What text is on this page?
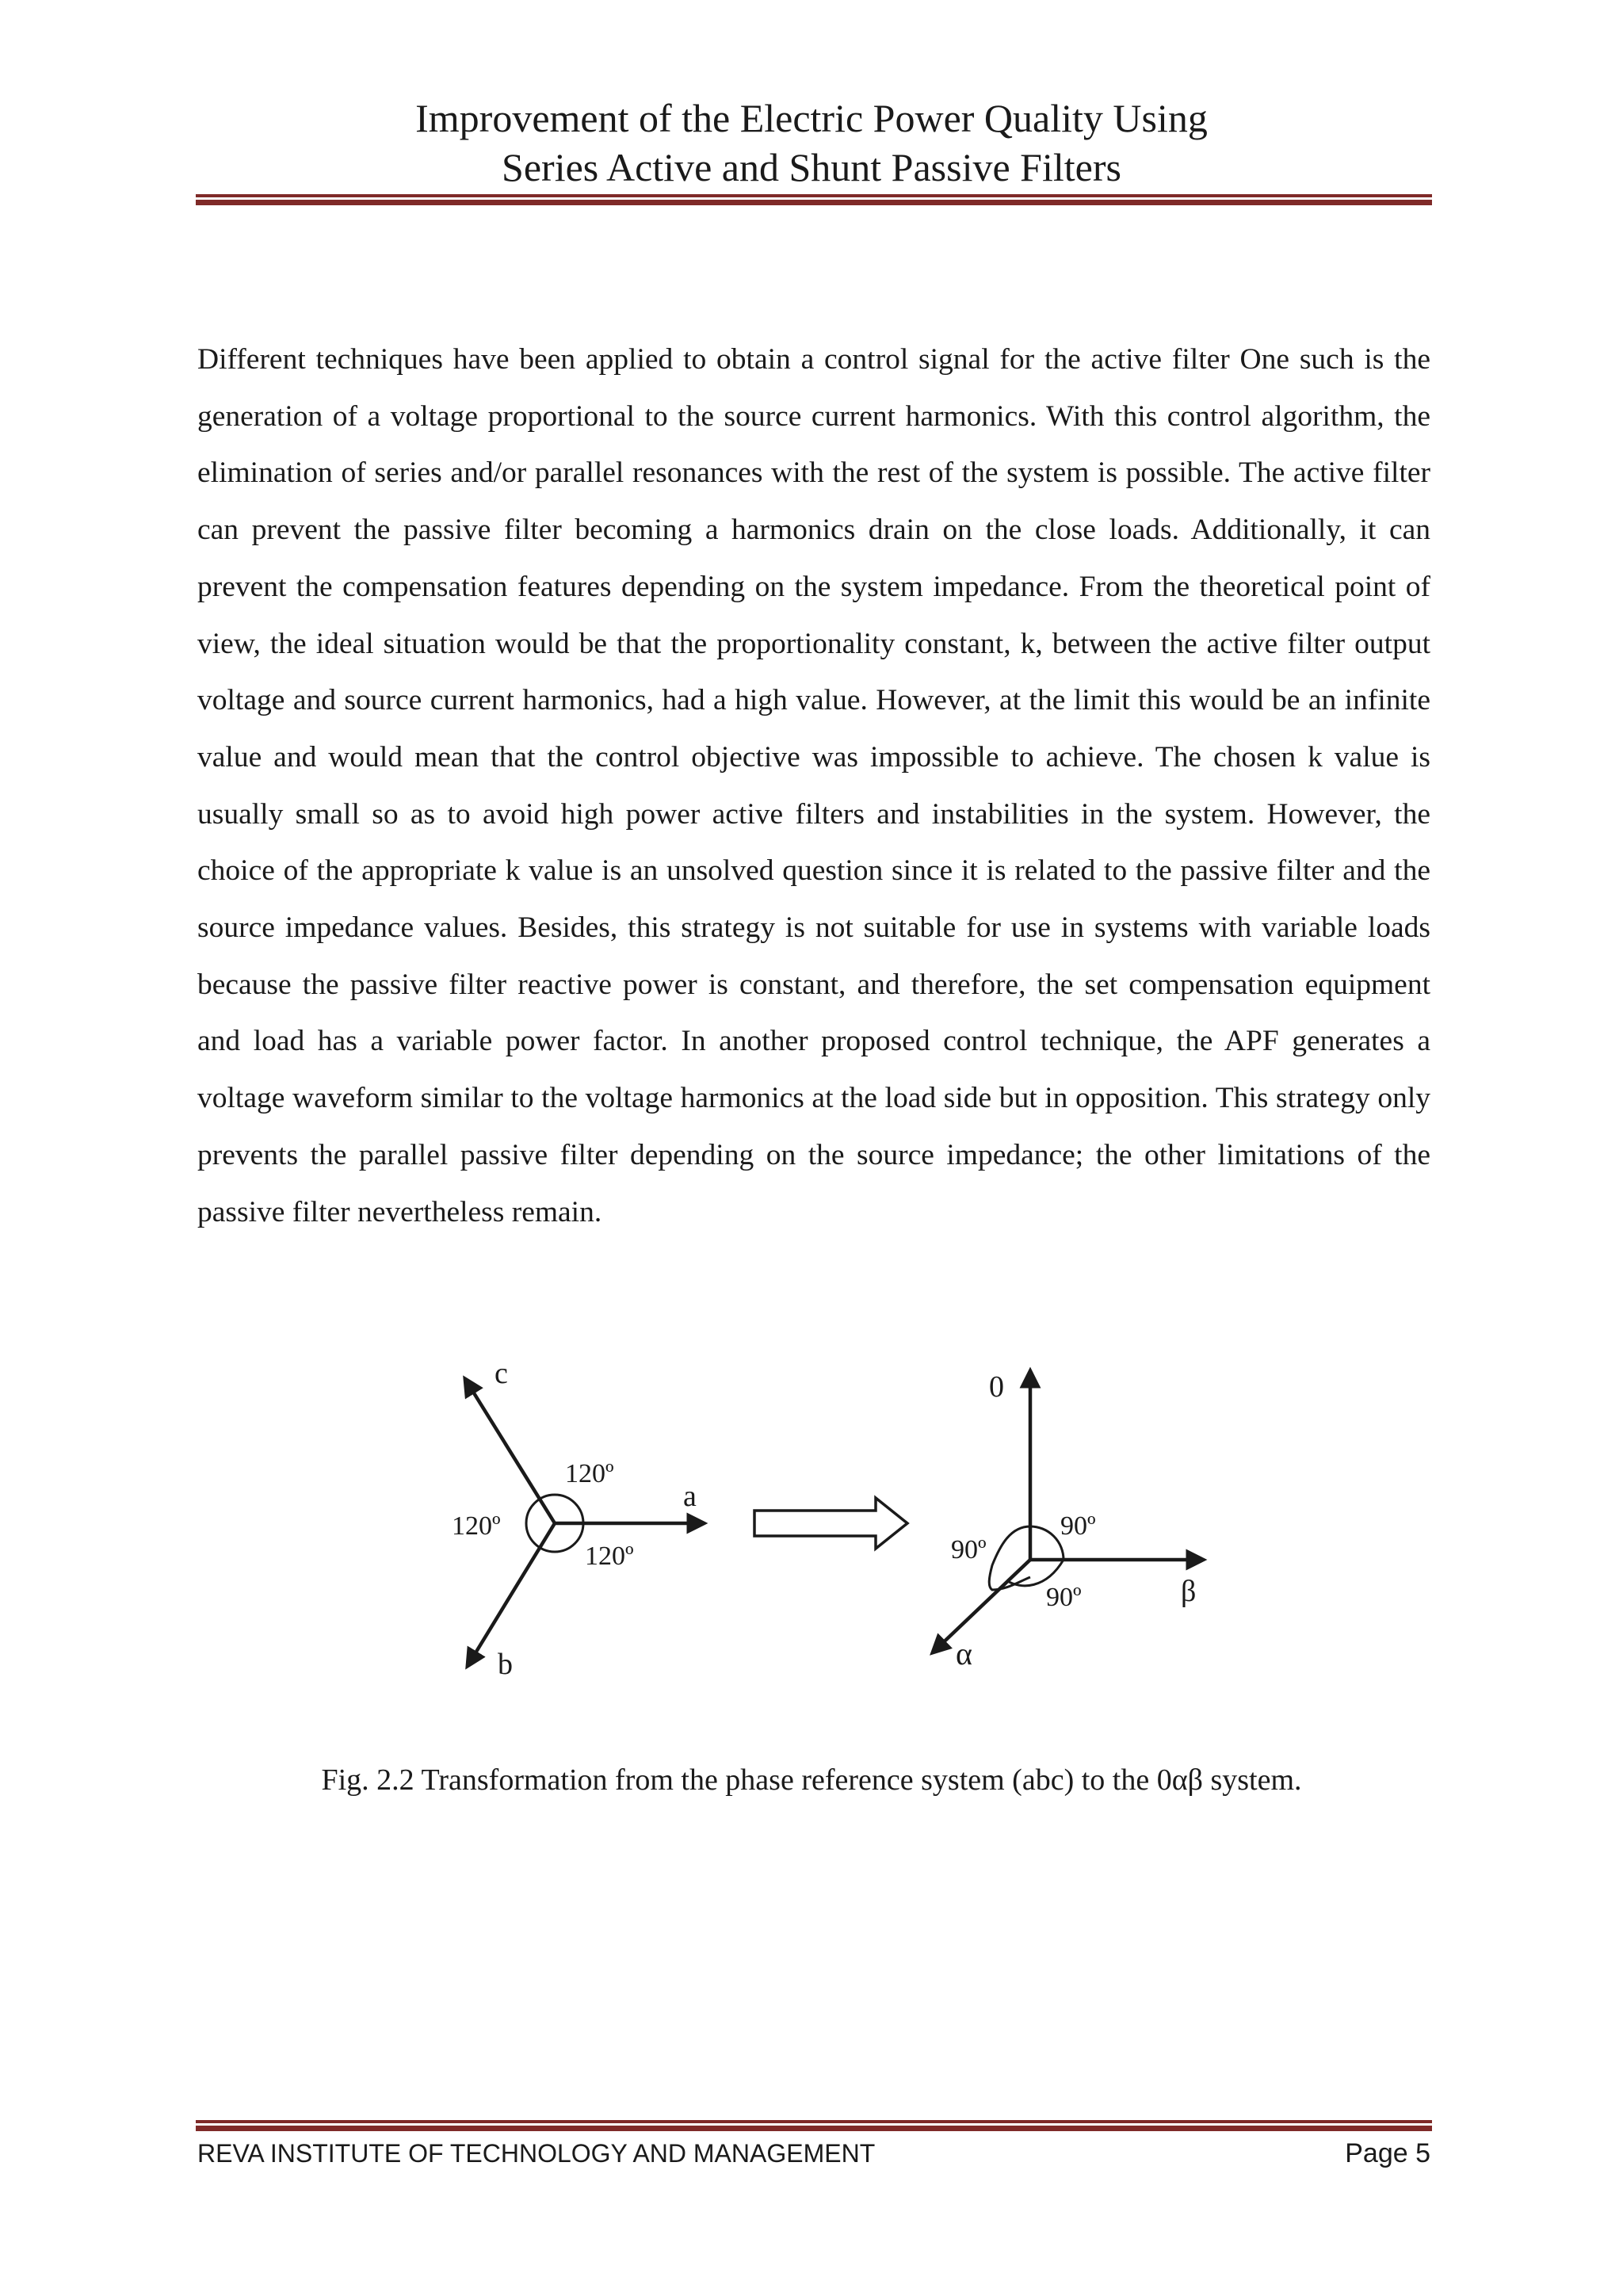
Improvement of the Electric Power Quality Using
Series Active and Shunt Passive Filters

Different techniques have been applied to obtain a control signal for the active filter One such is the generation of a voltage proportional to the source current harmonics. With this control algorithm, the elimination of series and/or parallel resonances with the rest of the system is possible. The active filter can prevent the passive filter becoming a harmonics drain on the close loads. Additionally, it can prevent the compensation features depending on the system impedance. From the theoretical point of view, the ideal situation would be that the proportionality constant, k, between the active filter output voltage and source current harmonics, had a high value. However, at the limit this would be an infinite value and would mean that the control objective was impossible to achieve. The chosen k value is usually small so as to avoid high power active filters and instabilities in the system. However, the choice of the appropriate k value is an unsolved question since it is related to the passive filter and the source impedance values. Besides, this strategy is not suitable for use in systems with variable loads because the passive filter reactive power is constant, and therefore, the set compensation equipment and load has a variable power factor. In another proposed control technique, the APF generates a voltage waveform similar to the voltage harmonics at the load side but in opposition. This strategy only prevents the parallel passive filter depending on the source impedance; the other limitations of the passive filter nevertheless remain.

c
a
b
120º
120º
120º
0
β
α
90º
90º
90º
Fig. 2.2 Transformation from the phase reference system (abc) to the 0αβ system.
REVA INSTITUTE OF TECHNOLOGY AND MANAGEMENT	Page 5
